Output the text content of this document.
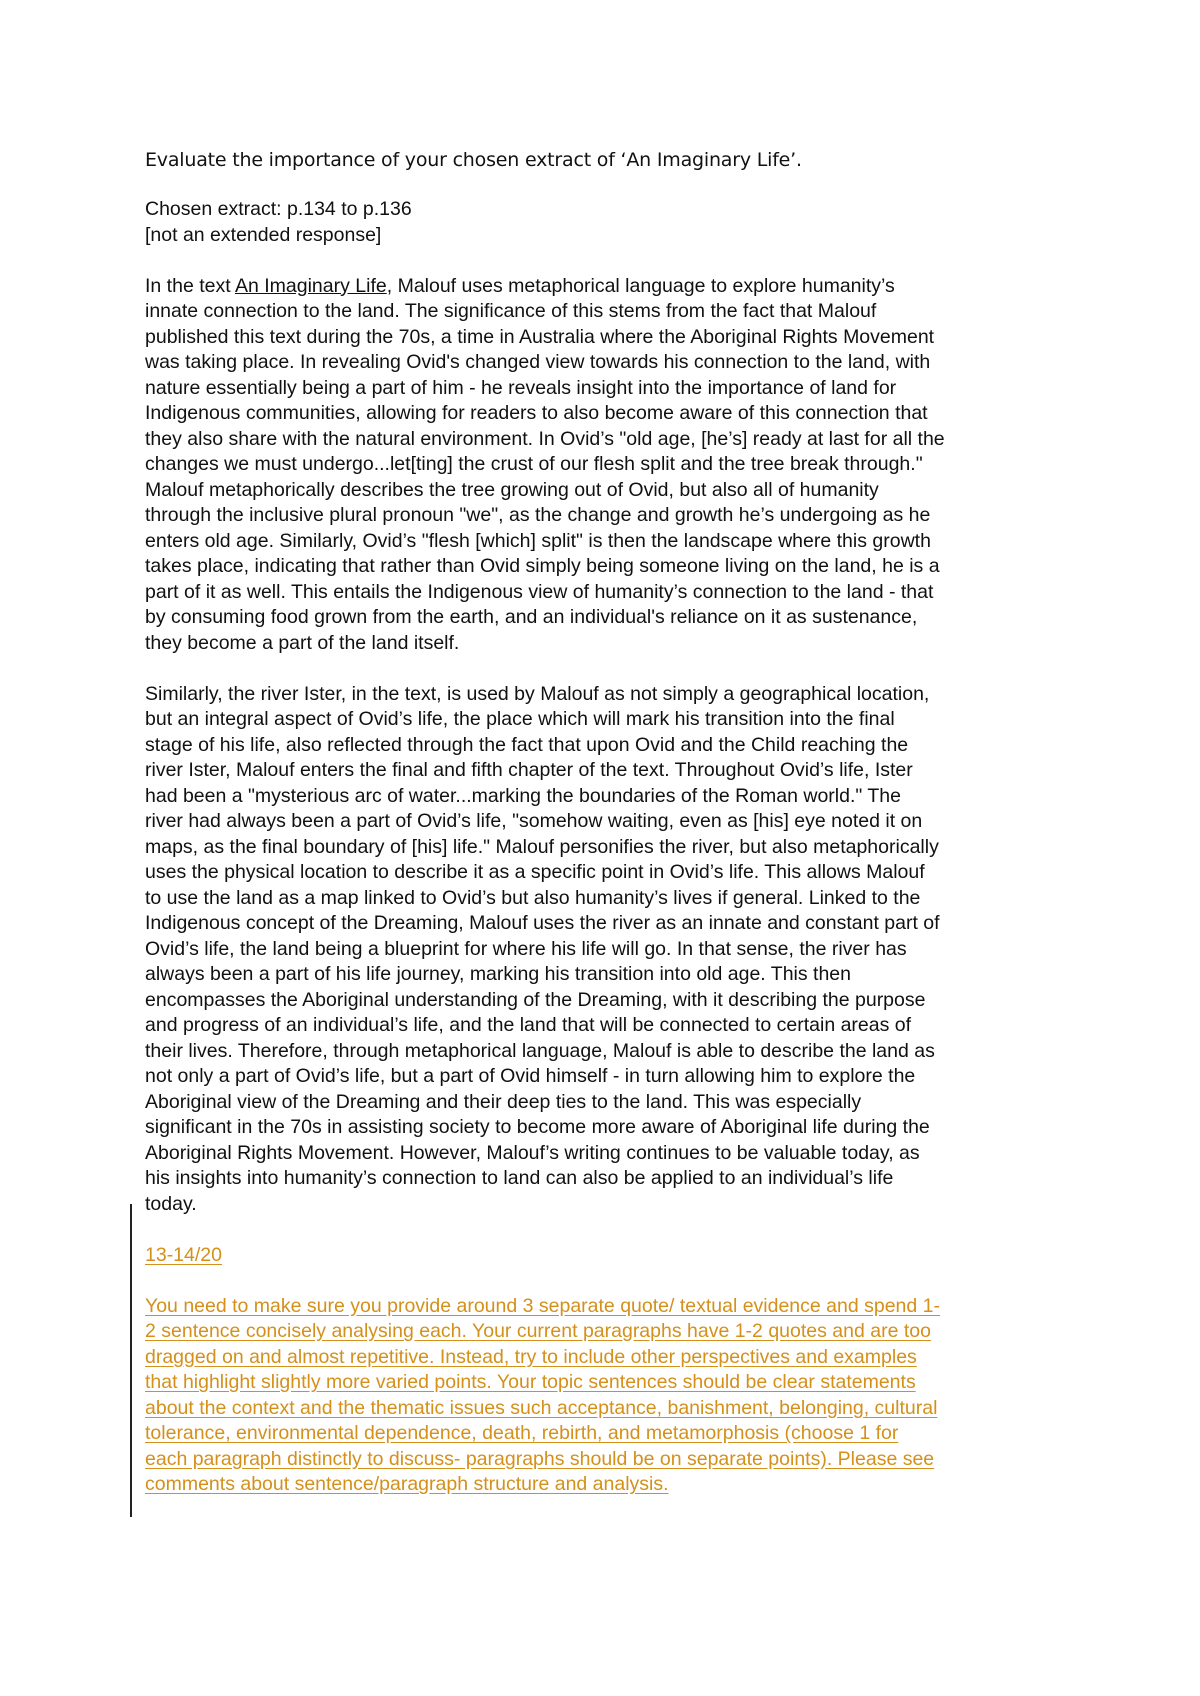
Evaluate the importance of your chosen extract of ‘An Imaginary Life’.

Chosen extract: p.134 to p.136

[not an extended response]

In the text An Imaginary Life, Malouf uses metaphorical language to explore humanity’s
innate connection to the land. The significance of this stems from the fact that Malouf
published this text during the 70s, a time in Australia where the Aboriginal Rights Movement
was taking place. In revealing Ovid's changed view towards his connection to the land, with
nature essentially being a part of him - he reveals insight into the importance of land for
Indigenous communities, allowing for readers to also become aware of this connection that
they also share with the natural environment. In Ovid’s "old age, [he’s] ready at last for all the
changes we must undergo...let[ting] the crust of our flesh split and the tree break through."
Malouf metaphorically describes the tree growing out of Ovid, but also all of humanity
through the inclusive plural pronoun "we", as the change and growth he’s undergoing as he
enters old age. Similarly, Ovid’s "flesh [which] split" is then the landscape where this growth
takes place, indicating that rather than Ovid simply being someone living on the land, he is a
part of it as well. This entails the Indigenous view of humanity’s connection to the land - that
by consuming food grown from the earth, and an individual's reliance on it as sustenance,
they become a part of the land itself.
Similarly, the river Ister, in the text, is used by Malouf as not simply a geographical location,
but an integral aspect of Ovid’s life, the place which will mark his transition into the final
stage of his life, also reflected through the fact that upon Ovid and the Child reaching the
river Ister, Malouf enters the final and fifth chapter of the text. Throughout Ovid’s life, Ister
had been a "mysterious arc of water...marking the boundaries of the Roman world." The
river had always been a part of Ovid’s life, "somehow waiting, even as [his] eye noted it on
maps, as the final boundary of [his] life." Malouf personifies the river, but also metaphorically
uses the physical location to describe it as a specific point in Ovid’s life. This allows Malouf
to use the land as a map linked to Ovid’s but also humanity’s lives if general. Linked to the
Indigenous concept of the Dreaming, Malouf uses the river as an innate and constant part of
Ovid’s life, the land being a blueprint for where his life will go. In that sense, the river has
always been a part of his life journey, marking his transition into old age. This then
encompasses the Aboriginal understanding of the Dreaming, with it describing the purpose
and progress of an individual’s life, and the land that will be connected to certain areas of
their lives. Therefore, through metaphorical language, Malouf is able to describe the land as
not only a part of Ovid’s life, but a part of Ovid himself - in turn allowing him to explore the
Aboriginal view of the Dreaming and their deep ties to the land. This was especially
significant in the 70s in assisting society to become more aware of Aboriginal life during the
Aboriginal Rights Movement. However, Malouf’s writing continues to be valuable today, as
his insights into humanity’s connection to land can also be applied to an individual’s life
today.
13-14/20
You need to make sure you provide around 3 separate quote/ textual evidence and spend 1-
2 sentence concisely analysing each. Your current paragraphs have 1-2 quotes and are too
dragged on and almost repetitive. Instead, try to include other perspectives and examples
that highlight slightly more varied points. Your topic sentences should be clear statements
about the context and the thematic issues such acceptance, banishment, belonging, cultural
tolerance, environmental dependence, death, rebirth, and metamorphosis (choose 1 for
each paragraph distinctly to discuss- paragraphs should be on separate points). Please see
comments about sentence/paragraph structure and analysis.
